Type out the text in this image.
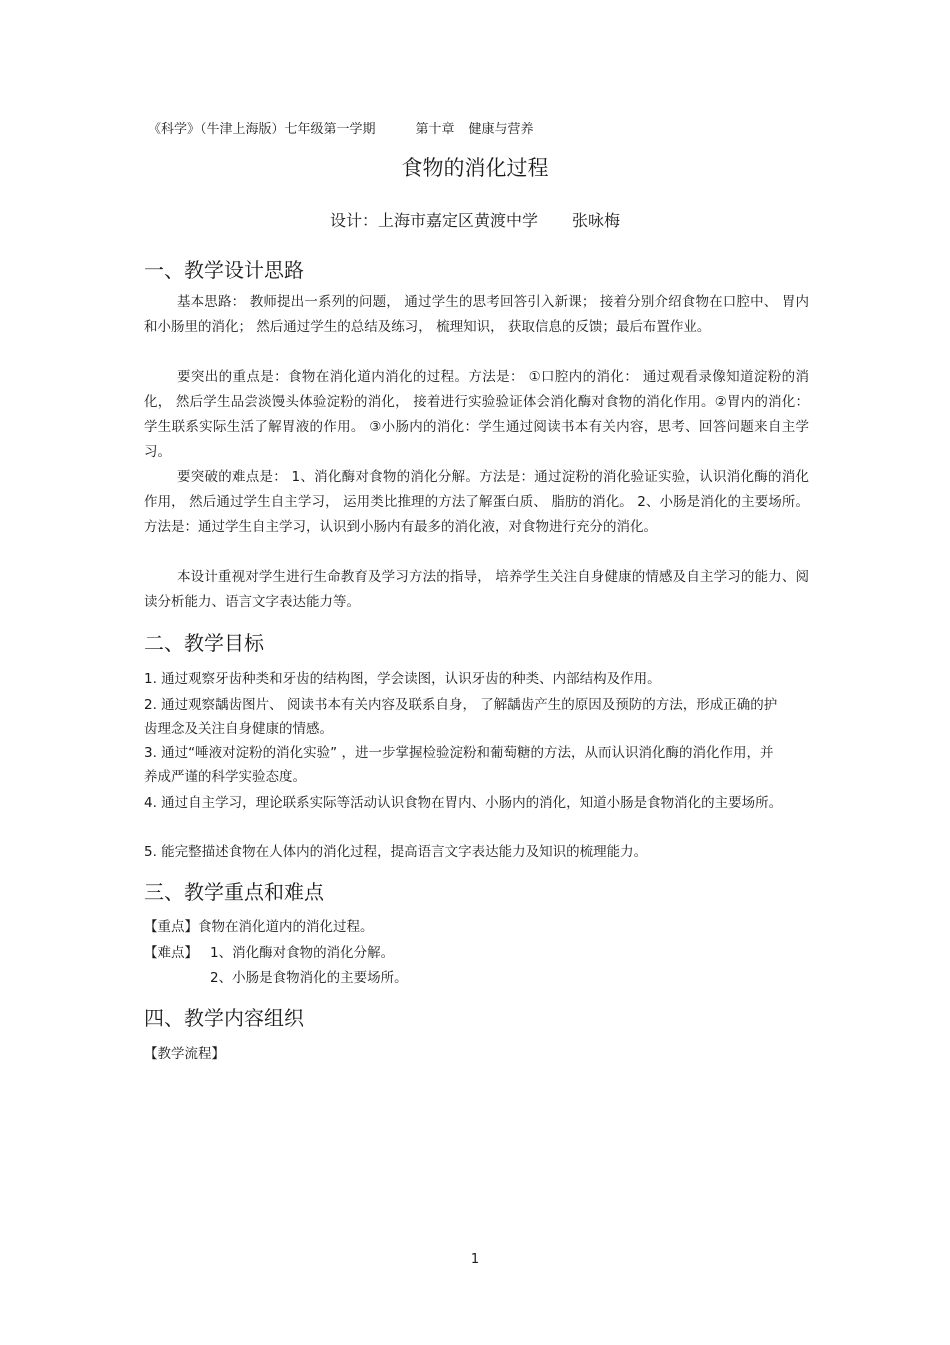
《科学》（牛津上海版）七年级第一学期	第十章 健康与营养
食物的消化过程
设计：上海市嘉定区黄渡中学 张咏梅
一、教学设计思路
基本思路： 教师提出一系列的问题， 通过学生的思考回答引入新课； 接着分别介绍食物在口腔中、 胃内和小肠里的消化； 然后通过学生的总结及练习， 梳理知识， 获取信息的反馈；最后布置作业。
要突出的重点是：食物在消化道内消化的过程。方法是： ①口腔内的消化： 通过观看录像知道淀粉的消化， 然后学生品尝淡馒头体验淀粉的消化， 接着进行实验验证体会消化酶对食物的消化作用。②胃内的消化：学生联系实际生活了解胃液的作用。 ③小肠内的消化：学生通过阅读书本有关内容，思考、回答问题来自主学习。
要突破的难点是： 1、消化酶对食物的消化分解。方法是：通过淀粉的消化验证实验，认识消化酶的消化作用， 然后通过学生自主学习， 运用类比推理的方法了解蛋白质、 脂肪的消化。 2、小肠是消化的主要场所。方法是：通过学生自主学习，认识到小肠内有最多的消化液，对食物进行充分的消化。
本设计重视对学生进行生命教育及学习方法的指导， 培养学生关注自身健康的情感及自主学习的能力、阅读分析能力、语言文字表达能力等。
二、教学目标
1. 通过观察牙齿种类和牙齿的结构图，学会读图，认识牙齿的种类、内部结构及作用。
2. 通过观察龋齿图片、 阅读书本有关内容及联系自身， 了解龋齿产生的原因及预防的方法，形成正确的护齿理念及关注自身健康的情感。
3. 通过“唾液对淀粉的消化实验” ，进一步掌握检验淀粉和葡萄糖的方法，从而认识消化酶的消化作用，并养成严谨的科学实验态度。
4. 通过自主学习，理论联系实际等活动认识食物在胃内、小肠内的消化，知道小肠是食物消化的主要场所。
5. 能完整描述食物在人体内的消化过程，提高语言文字表达能力及知识的梳理能力。
三、教学重点和难点
【重点】食物在消化道内的消化过程。
【难点】 1、消化酶对食物的消化分解。
2、小肠是食物消化的主要场所。
四、教学内容组织
【教学流程】
1
